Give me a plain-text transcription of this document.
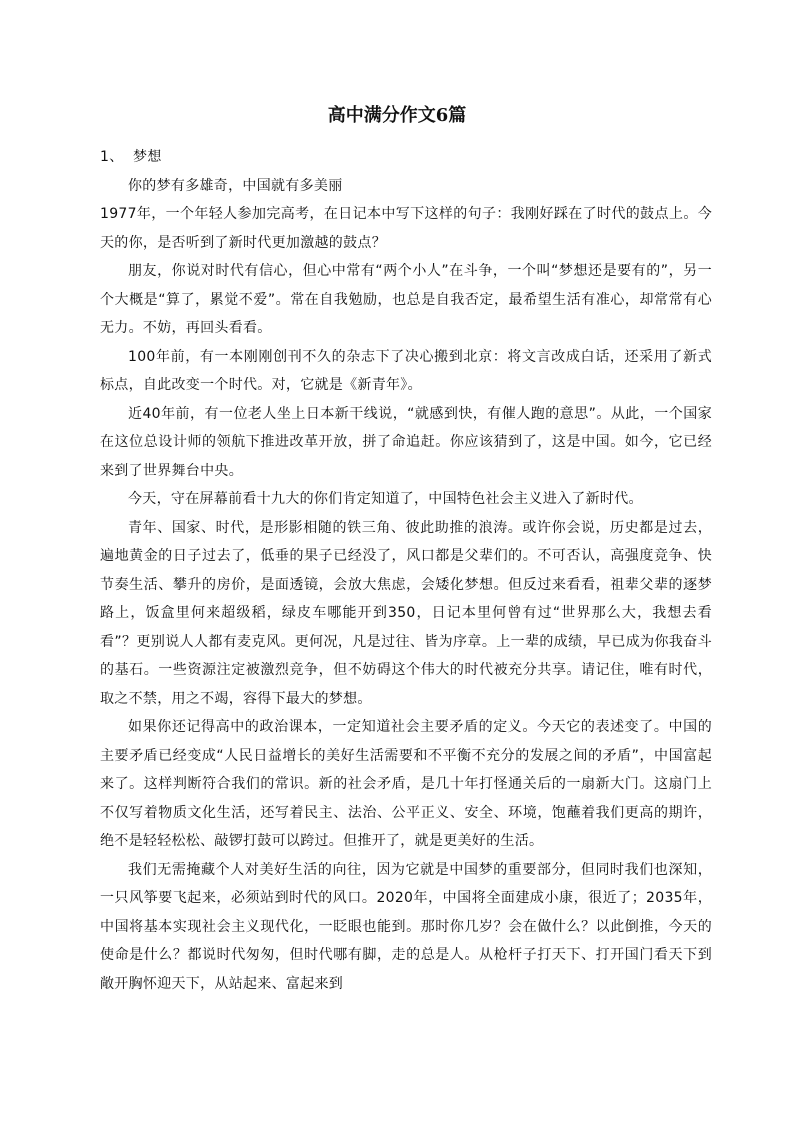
高中满分作文6篇

1、 梦想

你的梦有多雄奇，中国就有多美丽

1977年，一个年轻人参加完高考，在日记本中写下这样的句子：我刚好踩在了时代的鼓点上。今天的你，是否听到了新时代更加激越的鼓点？

朋友，你说对时代有信心，但心中常有“两个小人”在斗争，一个叫“梦想还是要有的”，另一个大概是“算了，累觉不爱”。常在自我勉励，也总是自我否定，最希望生活有准心，却常常有心无力。不妨，再回头看看。

100年前，有一本刚刚创刊不久的杂志下了决心搬到北京：将文言改成白话，还采用了新式标点，自此改变一个时代。对，它就是《新青年》。

近40年前，有一位老人坐上日本新干线说，“就感到快，有催人跑的意思”。从此，一个国家在这位总设计师的领航下推进改革开放，拼了命追赶。你应该猜到了，这是中国。如今，它已经来到了世界舞台中央。

今天，守在屏幕前看十九大的你们肯定知道了，中国特色社会主义进入了新时代。

青年、国家、时代，是形影相随的铁三角、彼此助推的浪涛。或许你会说，历史都是过去，遍地黄金的日子过去了，低垂的果子已经没了，风口都是父辈们的。不可否认，高强度竞争、快节奏生活、攀升的房价，是面透镜，会放大焦虑，会矮化梦想。但反过来看看，祖辈父辈的逐梦路上，饭盒里何来超级稻，绿皮车哪能开到350，日记本里何曾有过“世界那么大，我想去看看”？更别说人人都有麦克风。更何况，凡是过往、皆为序章。上一辈的成绩，早已成为你我奋斗的基石。一些资源注定被激烈竞争，但不妨碍这个伟大的时代被充分共享。请记住，唯有时代，取之不禁，用之不竭，容得下最大的梦想。

如果你还记得高中的政治课本，一定知道社会主要矛盾的定义。今天它的表述变了。中国的主要矛盾已经变成“人民日益增长的美好生活需要和不平衡不充分的发展之间的矛盾”，中国富起来了。这样判断符合我们的常识。新的社会矛盾，是几十年打怪通关后的一扇新大门。这扇门上不仅写着物质文化生活，还写着民主、法治、公平正义、安全、环境，饱蘸着我们更高的期许，绝不是轻轻松松、敲锣打鼓可以跨过。但推开了，就是更美好的生活。

我们无需掩藏个人对美好生活的向往，因为它就是中国梦的重要部分，但同时我们也深知，一只风筝要飞起来，必须站到时代的风口。2020年，中国将全面建成小康，很近了；2035年，中国将基本实现社会主义现代化，一眨眼也能到。那时你几岁？会在做什么？以此倒推，今天的使命是什么？都说时代匆匆，但时代哪有脚，走的总是人。从枪杆子打天下、打开国门看天下到敞开胸怀迎天下，从站起来、富起来到
